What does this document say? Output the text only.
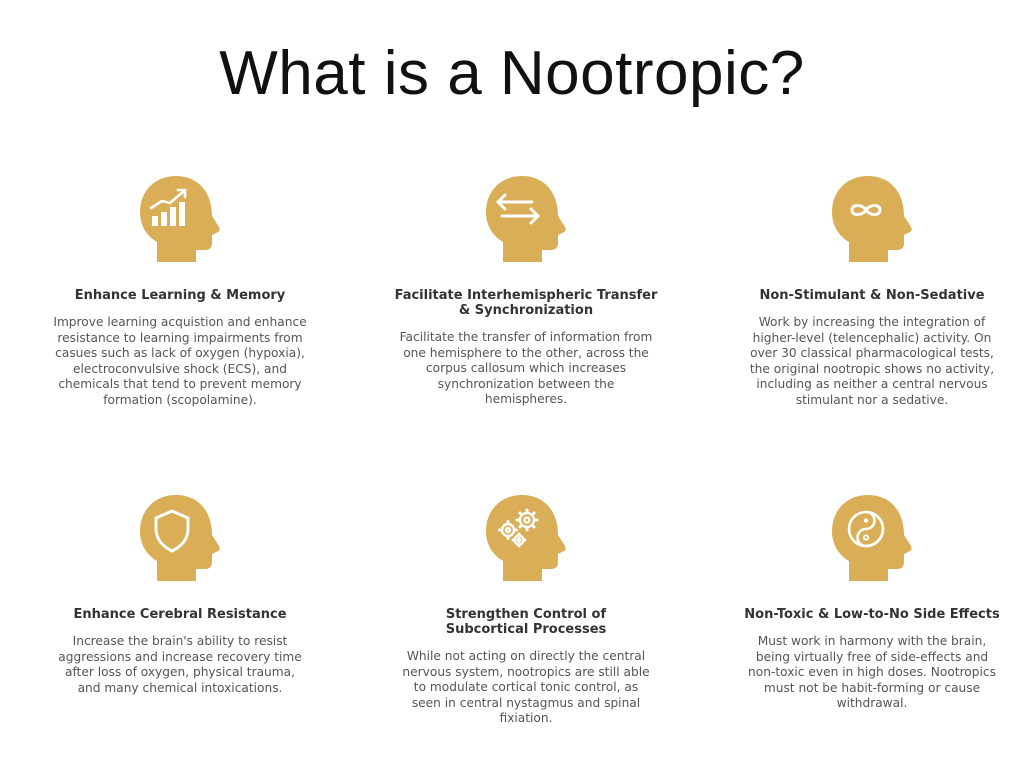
What is a Nootropic?
Enhance Learning & Memory
Improve learning acquistion and enhance
resistance to learning impairments from
casues such as lack of oxygen (hypoxia),
electroconvulsive shock (ECS), and
chemicals that tend to prevent memory
formation (scopolamine).
Facilitate Interhemispheric Transfer
& Synchronization
Facilitate the transfer of information from
one hemisphere to the other, across the
corpus callosum which increases
synchronization between the
hemispheres.
Non-Stimulant & Non-Sedative
Work by increasing the integration of
higher-level (telencephalic) activity. On
over 30 classical pharmacological tests,
the original nootropic shows no activity,
including as neither a central nervous
stimulant nor a sedative.
Enhance Cerebral Resistance
Increase the brain's ability to resist
aggressions and increase recovery time
after loss of oxygen, physical trauma,
and many chemical intoxications.
Strengthen Control of
Subcortical Processes
While not acting on directly the central
nervous system, nootropics are still able
to modulate cortical tonic control, as
seen in central nystagmus and spinal
fixiation.
Non-Toxic & Low-to-No Side Effects
Must work in harmony with the brain,
being virtually free of side-effects and
non-toxic even in high doses. Nootropics
must not be habit-forming or cause
withdrawal.
